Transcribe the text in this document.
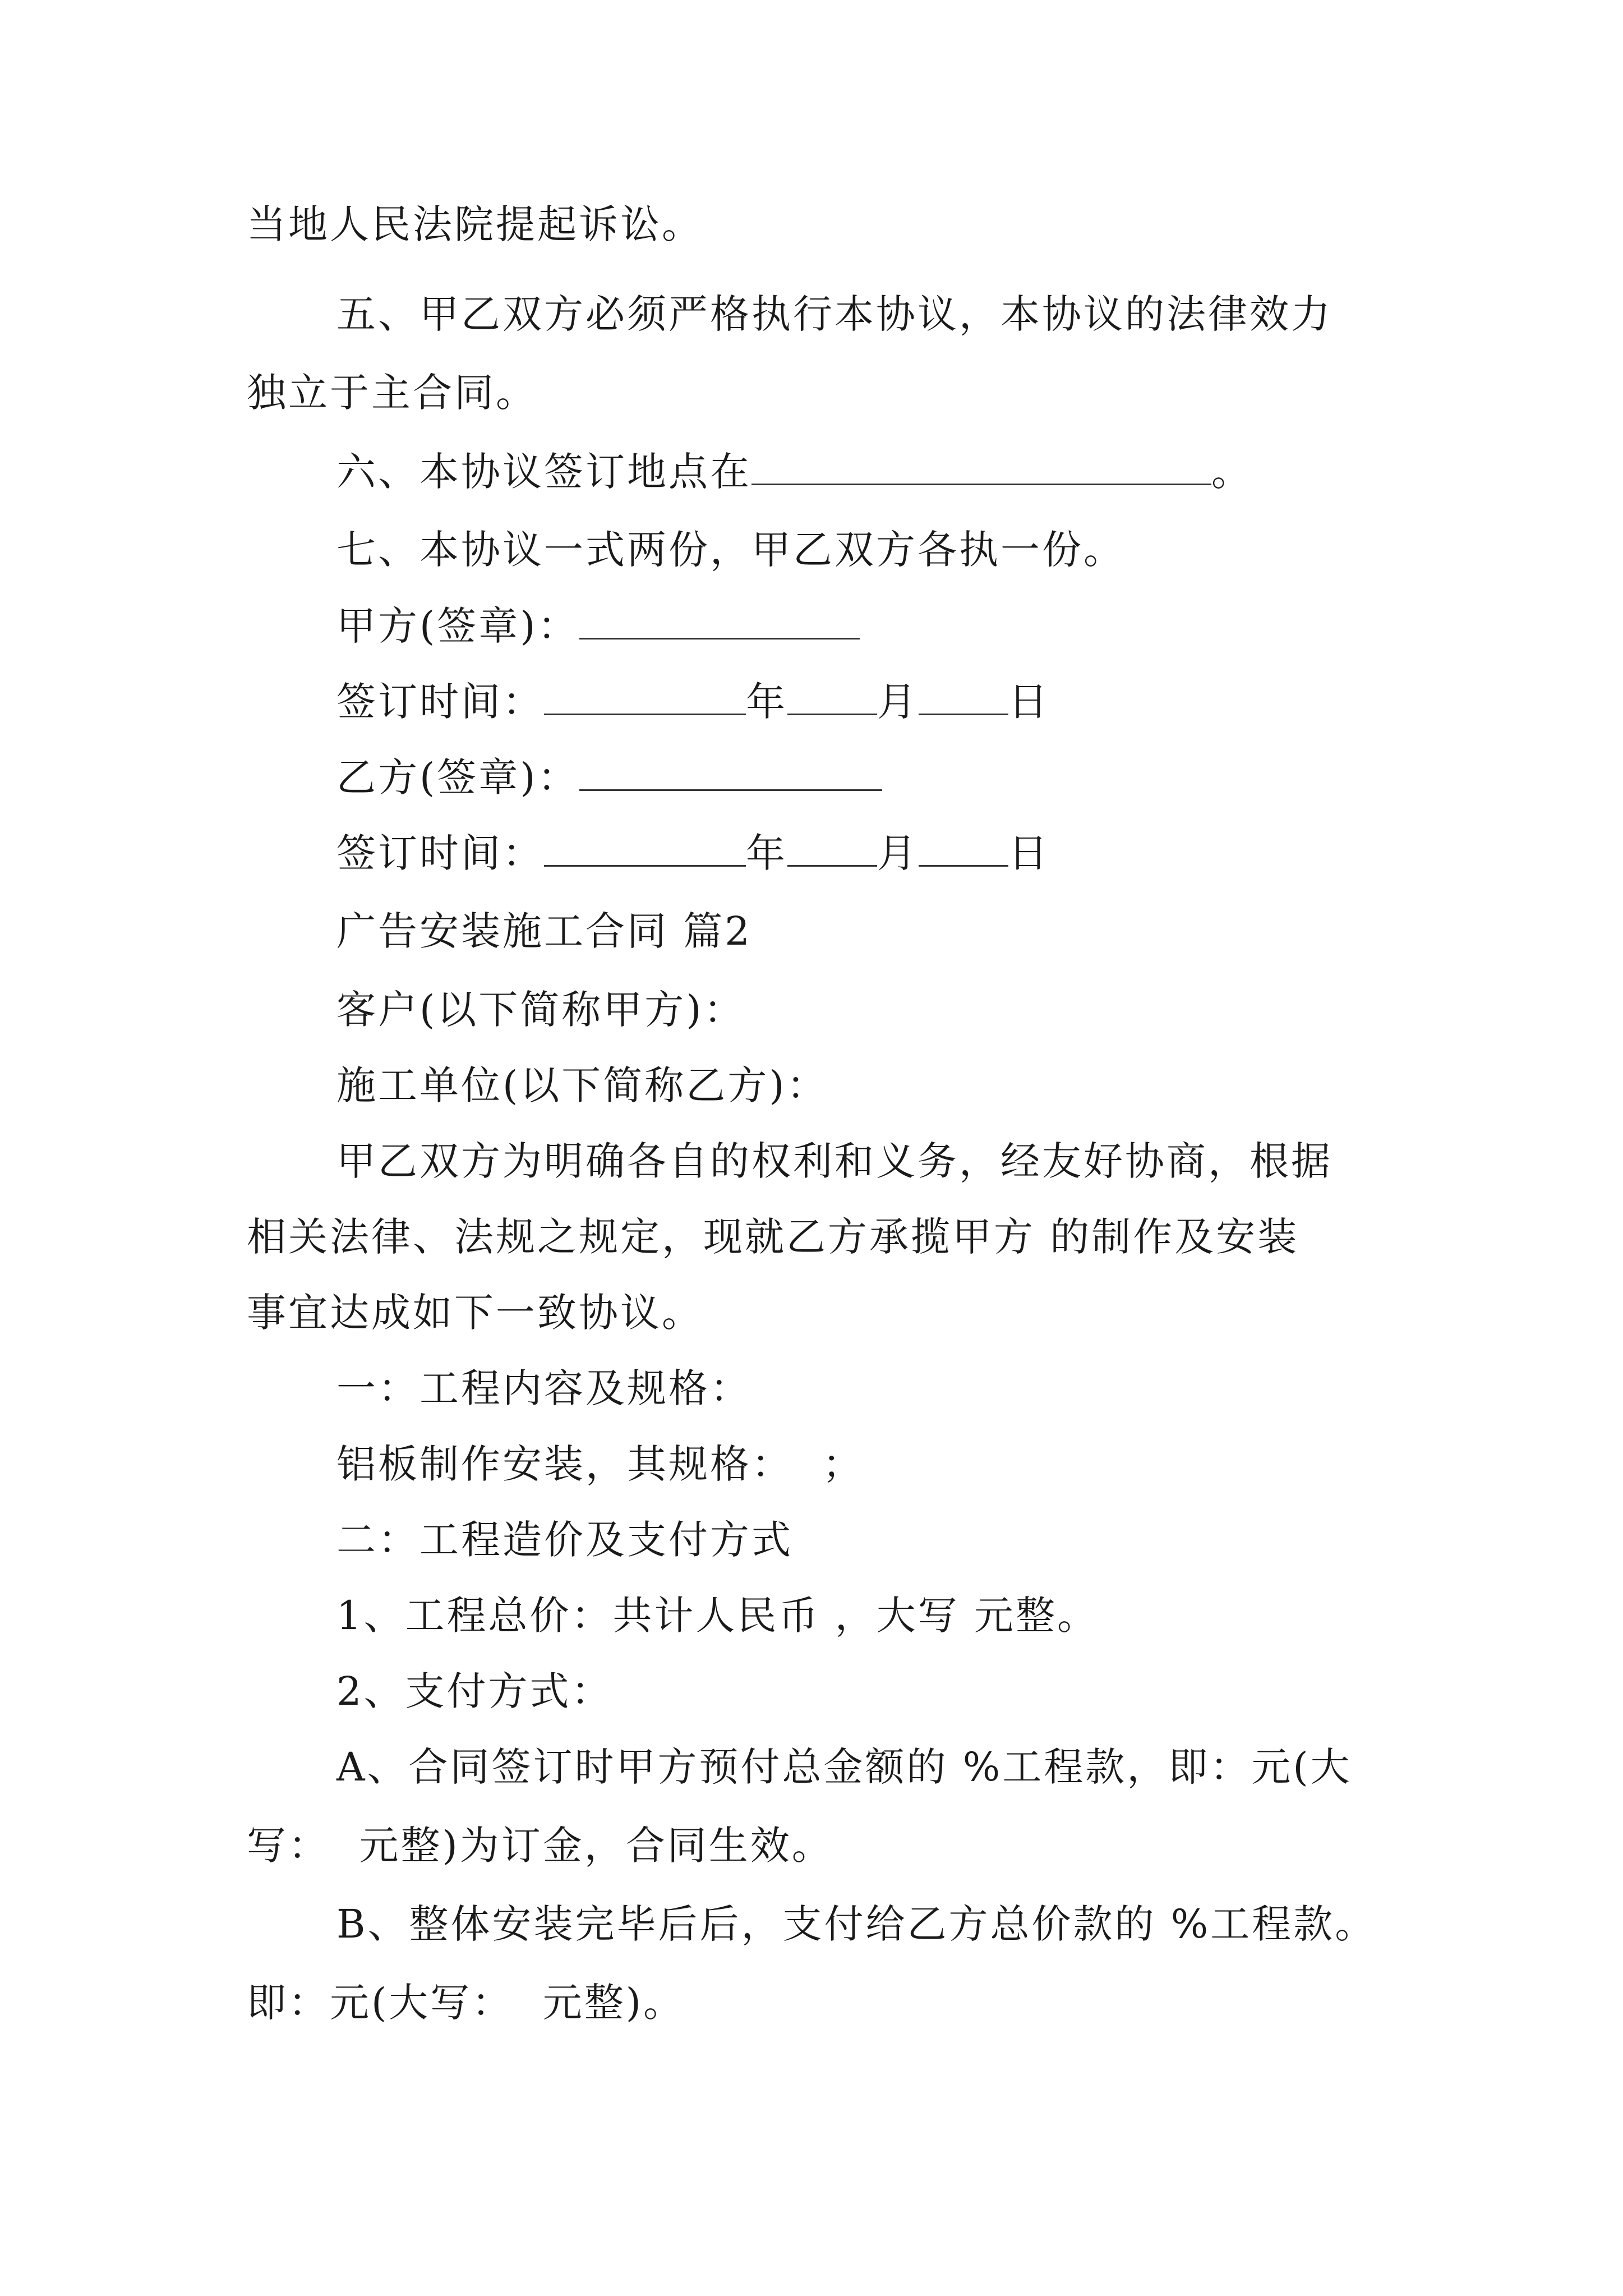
当地人民法院提起诉讼。
五、甲乙双方必须严格执行本协议，本协议的法律效力
独立于主合同。
六、本协议签订地点在	。
七、本协议一式两份，甲乙双方各执一份。
甲方(签章)：
签订时间：	年 月 日
乙方(签章)：
签订时间：	年 月 日
广告安装施工合同 篇2
客户(以下简称甲方)：
施工单位(以下简称乙方)：
甲乙双方为明确各自的权利和义务，经友好协商，根据
相关法律、法规之规定，现就乙方承揽甲方 的制作及安装
事宜达成如下一致协议。
一：工程内容及规格：
铝板制作安装，其规格：  ；
二：工程造价及支付方式
1、工程总价：共计人民币 ，大写 元整。
2、支付方式：
A、合同签订时甲方预付总金额的 %工程款，即：元(大
写：  元整)为订金，合同生效。
B、整体安装完毕后后，支付给乙方总价款的 %工程款。
即：元(大写：  元整)。
